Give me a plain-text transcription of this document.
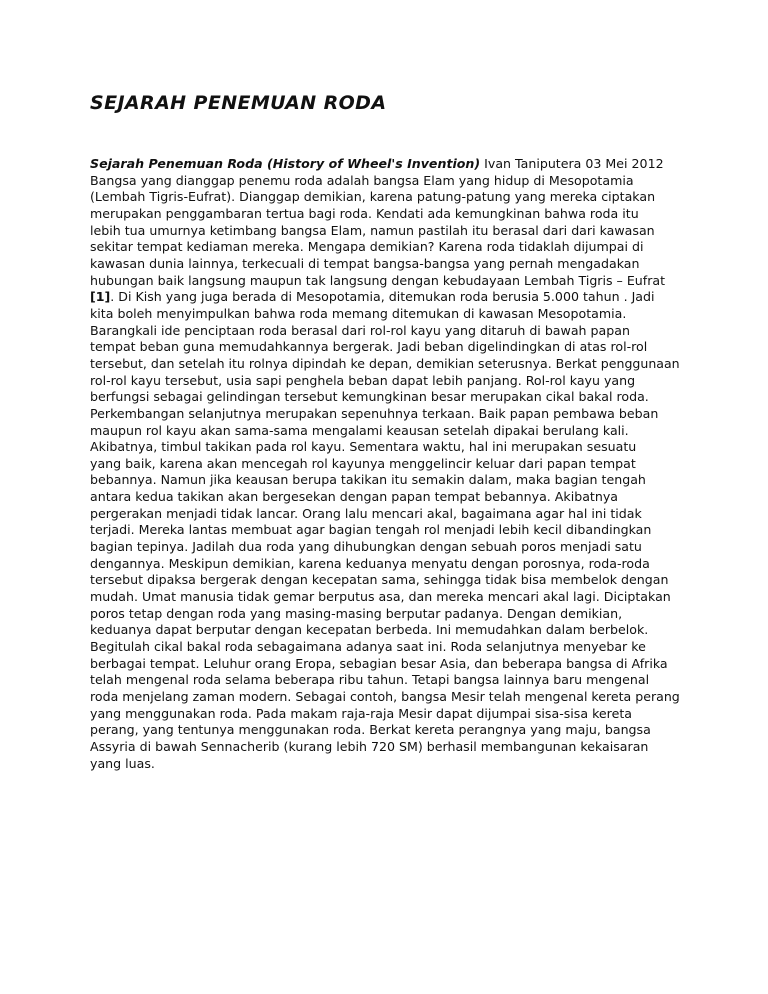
SEJARAH PENEMUAN RODA
Sejarah Penemuan Roda (History of Wheel's Invention) Ivan Taniputera 03 Mei 2012
Bangsa yang dianggap penemu roda adalah bangsa Elam yang hidup di Mesopotamia
(Lembah Tigris-Eufrat). Dianggap demikian, karena patung-patung yang mereka ciptakan
merupakan penggambaran tertua bagi roda. Kendati ada kemungkinan bahwa roda itu
lebih tua umurnya ketimbang bangsa Elam, namun pastilah itu berasal dari dari kawasan
sekitar tempat kediaman mereka. Mengapa demikian? Karena roda tidaklah dijumpai di
kawasan dunia lainnya, terkecuali di tempat bangsa-bangsa yang pernah mengadakan
hubungan baik langsung maupun tak langsung dengan kebudayaan Lembah Tigris – Eufrat
[1]. Di Kish yang juga berada di Mesopotamia, ditemukan roda berusia 5.000 tahun . Jadi
kita boleh menyimpulkan bahwa roda memang ditemukan di kawasan Mesopotamia.
Barangkali ide penciptaan roda berasal dari rol-rol kayu yang ditaruh di bawah papan
tempat beban guna memudahkannya bergerak. Jadi beban digelindingkan di atas rol-rol
tersebut, dan setelah itu rolnya dipindah ke depan, demikian seterusnya. Berkat penggunaan
rol-rol kayu tersebut, usia sapi penghela beban dapat lebih panjang. Rol-rol kayu yang
berfungsi sebagai gelindingan tersebut kemungkinan besar merupakan cikal bakal roda.
Perkembangan selanjutnya merupakan sepenuhnya terkaan. Baik papan pembawa beban
maupun rol kayu akan sama-sama mengalami keausan setelah dipakai berulang kali.
Akibatnya, timbul takikan pada rol kayu. Sementara waktu, hal ini merupakan sesuatu
yang baik, karena akan mencegah rol kayunya menggelincir keluar dari papan tempat
bebannya. Namun jika keausan berupa takikan itu semakin dalam, maka bagian tengah
antara kedua takikan akan bergesekan dengan papan tempat bebannya. Akibatnya
pergerakan menjadi tidak lancar. Orang lalu mencari akal, bagaimana agar hal ini tidak
terjadi. Mereka lantas membuat agar bagian tengah rol menjadi lebih kecil dibandingkan
bagian tepinya. Jadilah dua roda yang dihubungkan dengan sebuah poros menjadi satu
dengannya. Meskipun demikian, karena keduanya menyatu dengan porosnya, roda-roda
tersebut dipaksa bergerak dengan kecepatan sama, sehingga tidak bisa membelok dengan
mudah. Umat manusia tidak gemar berputus asa, dan mereka mencari akal lagi. Diciptakan
poros tetap dengan roda yang masing-masing berputar padanya. Dengan demikian,
keduanya dapat berputar dengan kecepatan berbeda. Ini memudahkan dalam berbelok.
Begitulah cikal bakal roda sebagaimana adanya saat ini. Roda selanjutnya menyebar ke
berbagai tempat. Leluhur orang Eropa, sebagian besar Asia, dan beberapa bangsa di Afrika
telah mengenal roda selama beberapa ribu tahun. Tetapi bangsa lainnya baru mengenal
roda menjelang zaman modern. Sebagai contoh, bangsa Mesir telah mengenal kereta perang
yang menggunakan roda. Pada makam raja-raja Mesir dapat dijumpai sisa-sisa kereta
perang, yang tentunya menggunakan roda. Berkat kereta perangnya yang maju, bangsa
Assyria di bawah Sennacherib (kurang lebih 720 SM) berhasil membangunan kekaisaran
yang luas.
